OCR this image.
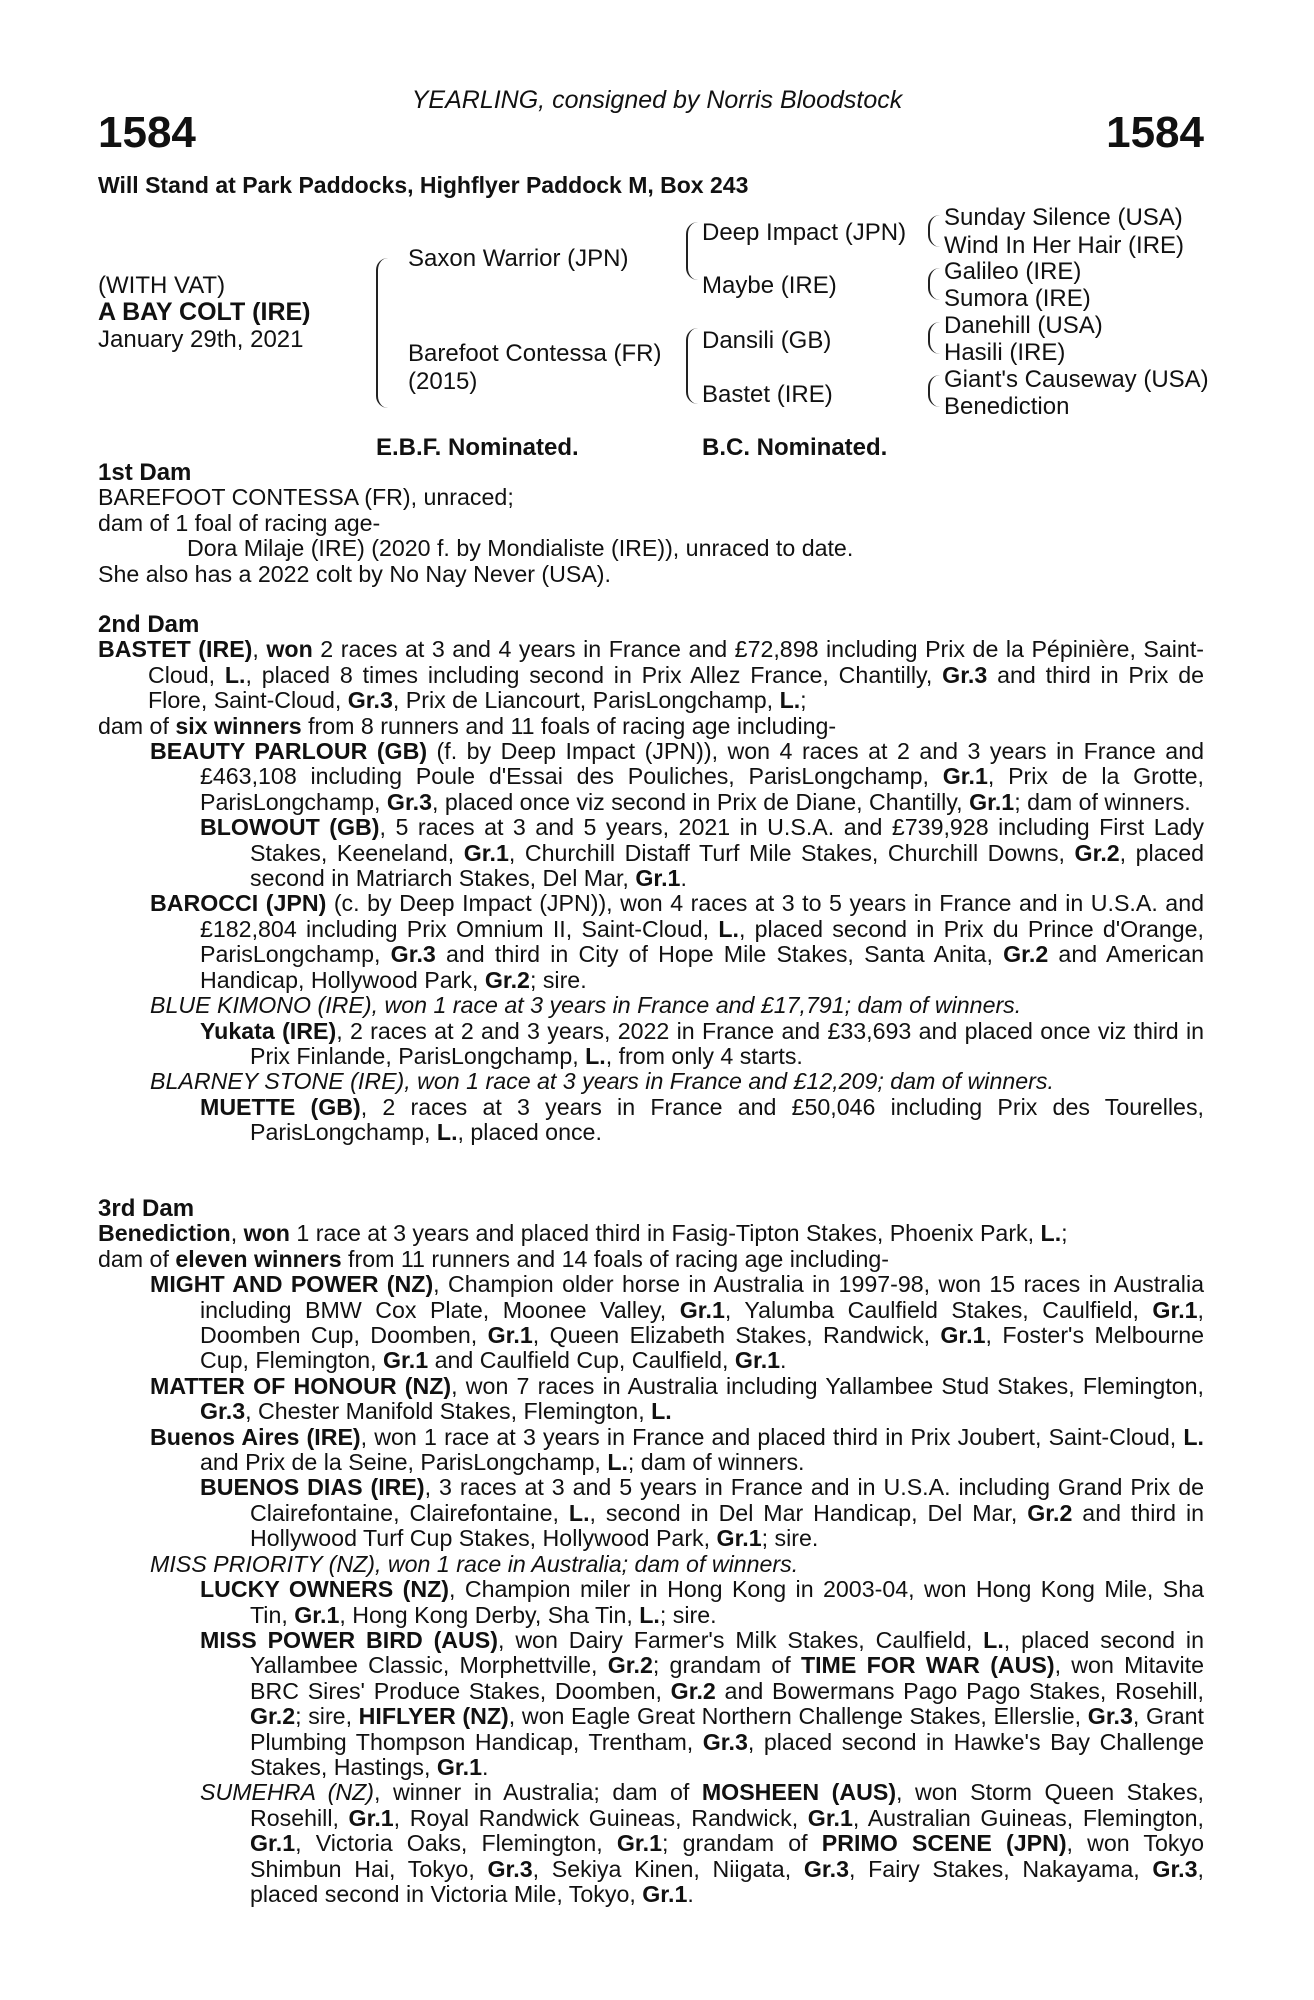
YEARLING, consigned by Norris Bloodstock
1584	1584
Will Stand at Park Paddocks, Highflyer Paddock M, Box 243
(WITH VAT)
A BAY COLT (IRE)
January 29th, 2021
Saxon Warrior (JPN)
Barefoot Contessa (FR)
(2015)
Deep Impact (JPN)
Maybe (IRE)
Dansili (GB)
Bastet (IRE)
Sunday Silence (USA)
Wind In Her Hair (IRE)
Galileo (IRE)
Sumora (IRE)
Danehill (USA)
Hasili (IRE)
Giant's Causeway (USA)
Benediction
E.B.F. Nominated.	B.C. Nominated.
1st Dam
BAREFOOT CONTESSA (FR), unraced;
dam of 1 foal of racing age-
Dora Milaje (IRE) (2020 f. by Mondialiste (IRE)), unraced to date.
She also has a 2022 colt by No Nay Never (USA).
2nd Dam
BASTET (IRE), won 2 races at 3 and 4 years in France and £72,898 including Prix de la Pépinière, Saint-Cloud, L., placed 8 times including second in Prix Allez France, Chantilly, Gr.3 and third in Prix de Flore, Saint-Cloud, Gr.3, Prix de Liancourt, ParisLongchamp, L.;
dam of six winners from 8 runners and 11 foals of racing age including-
BEAUTY PARLOUR (GB) (f. by Deep Impact (JPN)), won 4 races at 2 and 3 years in France and £463,108 including Poule d'Essai des Pouliches, ParisLongchamp, Gr.1, Prix de la Grotte, ParisLongchamp, Gr.3, placed once viz second in Prix de Diane, Chantilly, Gr.1; dam of winners.
BLOWOUT (GB), 5 races at 3 and 5 years, 2021 in U.S.A. and £739,928 including First Lady Stakes, Keeneland, Gr.1, Churchill Distaff Turf Mile Stakes, Churchill Downs, Gr.2, placed second in Matriarch Stakes, Del Mar, Gr.1.
BAROCCI (JPN) (c. by Deep Impact (JPN)), won 4 races at 3 to 5 years in France and in U.S.A. and £182,804 including Prix Omnium II, Saint-Cloud, L., placed second in Prix du Prince d'Orange, ParisLongchamp, Gr.3 and third in City of Hope Mile Stakes, Santa Anita, Gr.2 and American Handicap, Hollywood Park, Gr.2; sire.
BLUE KIMONO (IRE), won 1 race at 3 years in France and £17,791; dam of winners.
Yukata (IRE), 2 races at 2 and 3 years, 2022 in France and £33,693 and placed once viz third in Prix Finlande, ParisLongchamp, L., from only 4 starts.
BLARNEY STONE (IRE), won 1 race at 3 years in France and £12,209; dam of winners.
MUETTE (GB), 2 races at 3 years in France and £50,046 including Prix des Tourelles, ParisLongchamp, L., placed once.
3rd Dam
Benediction, won 1 race at 3 years and placed third in Fasig-Tipton Stakes, Phoenix Park, L.;
dam of eleven winners from 11 runners and 14 foals of racing age including-
MIGHT AND POWER (NZ), Champion older horse in Australia in 1997-98, won 15 races in Australia including BMW Cox Plate, Moonee Valley, Gr.1, Yalumba Caulfield Stakes, Caulfield, Gr.1, Doomben Cup, Doomben, Gr.1, Queen Elizabeth Stakes, Randwick, Gr.1, Foster's Melbourne Cup, Flemington, Gr.1 and Caulfield Cup, Caulfield, Gr.1.
MATTER OF HONOUR (NZ), won 7 races in Australia including Yallambee Stud Stakes, Flemington, Gr.3, Chester Manifold Stakes, Flemington, L.
Buenos Aires (IRE), won 1 race at 3 years in France and placed third in Prix Joubert, Saint-Cloud, L. and Prix de la Seine, ParisLongchamp, L.; dam of winners.
BUENOS DIAS (IRE), 3 races at 3 and 5 years in France and in U.S.A. including Grand Prix de Clairefontaine, Clairefontaine, L., second in Del Mar Handicap, Del Mar, Gr.2 and third in Hollywood Turf Cup Stakes, Hollywood Park, Gr.1; sire.
MISS PRIORITY (NZ), won 1 race in Australia; dam of winners.
LUCKY OWNERS (NZ), Champion miler in Hong Kong in 2003-04, won Hong Kong Mile, Sha Tin, Gr.1, Hong Kong Derby, Sha Tin, L.; sire.
MISS POWER BIRD (AUS), won Dairy Farmer's Milk Stakes, Caulfield, L., placed second in Yallambee Classic, Morphettville, Gr.2; grandam of TIME FOR WAR (AUS), won Mitavite BRC Sires' Produce Stakes, Doomben, Gr.2 and Bowermans Pago Pago Stakes, Rosehill, Gr.2; sire, HIFLYER (NZ), won Eagle Great Northern Challenge Stakes, Ellerslie, Gr.3, Grant Plumbing Thompson Handicap, Trentham, Gr.3, placed second in Hawke's Bay Challenge Stakes, Hastings, Gr.1.
SUMEHRA (NZ), winner in Australia; dam of MOSHEEN (AUS), won Storm Queen Stakes, Rosehill, Gr.1, Royal Randwick Guineas, Randwick, Gr.1, Australian Guineas, Flemington, Gr.1, Victoria Oaks, Flemington, Gr.1; grandam of PRIMO SCENE (JPN), won Tokyo Shimbun Hai, Tokyo, Gr.3, Sekiya Kinen, Niigata, Gr.3, Fairy Stakes, Nakayama, Gr.3, placed second in Victoria Mile, Tokyo, Gr.1.
